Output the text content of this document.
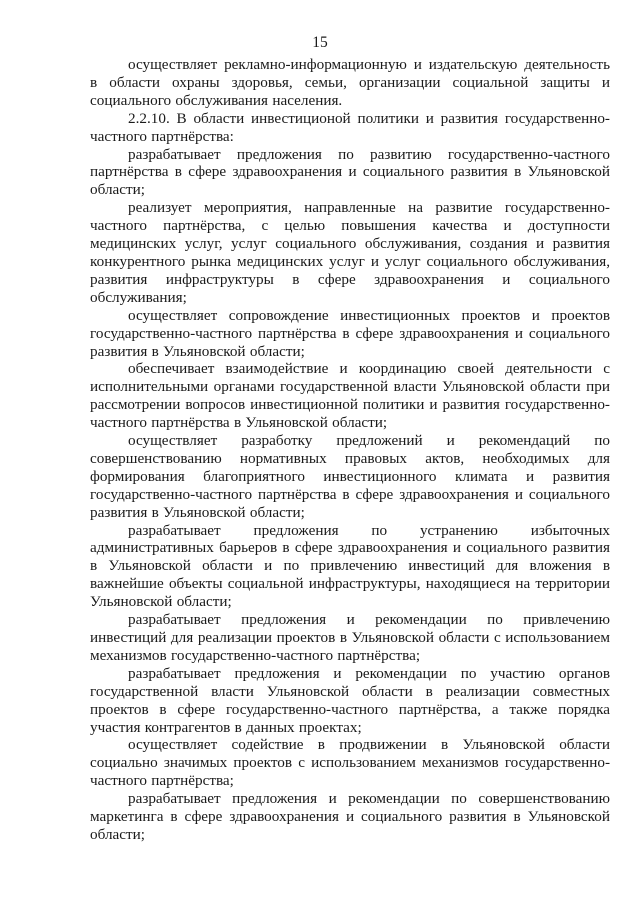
15

осуществляет рекламно-информационную и издательскую деятельность в области охраны здоровья, семьи, организации социальной защиты и социального обслуживания населения.

2.2.10. В области инвестиционой политики и развития государственно-частного партнёрства:

разрабатывает предложения по развитию государственно-частного партнёрства в сфере здравоохранения и социального развития в Ульяновской области;

реализует мероприятия, направленные на развитие государственно-частного партнёрства, с целью повышения качества и доступности медицинских услуг, услуг социального обслуживания, создания и развития конкурентного рынка медицинских услуг и услуг социального обслуживания, развития инфраструктуры в сфере здравоохранения и социального обслуживания;

осуществляет сопровождение инвестиционных проектов и проектов государственно-частного партнёрства в сфере здравоохранения и социального развития в Ульяновской области;

обеспечивает взаимодействие и координацию своей деятельности с исполнительными органами государственной власти Ульяновской области при рассмотрении вопросов инвестиционной политики и развития государственно-частного партнёрства в Ульяновской области;

осуществляет разработку предложений и рекомендаций по совершенствованию нормативных правовых актов, необходимых для формирования благоприятного инвестиционного климата и развития государственно-частного партнёрства в сфере здравоохранения и социального развития в Ульяновской области;

разрабатывает предложения по устранению избыточных административных барьеров в сфере здравоохранения и социального развития в Ульяновской области и по привлечению инвестиций для вложения в важнейшие объекты социальной инфраструктуры, находящиеся на территории Ульяновской области;

разрабатывает предложения и рекомендации по привлечению инвестиций для реализации проектов в Ульяновской области с использованием механизмов государственно-частного партнёрства;

разрабатывает предложения и рекомендации по участию органов государственной власти Ульяновской области в реализации совместных проектов в сфере государственно-частного партнёрства, а также порядка участия контрагентов в данных проектах;

осуществляет содействие в продвижении в Ульяновской области социально значимых проектов с использованием механизмов государственно-частного партнёрства;

разрабатывает предложения и рекомендации по совершенствованию маркетинга в сфере здравоохранения и социального развития в Ульяновской области;
